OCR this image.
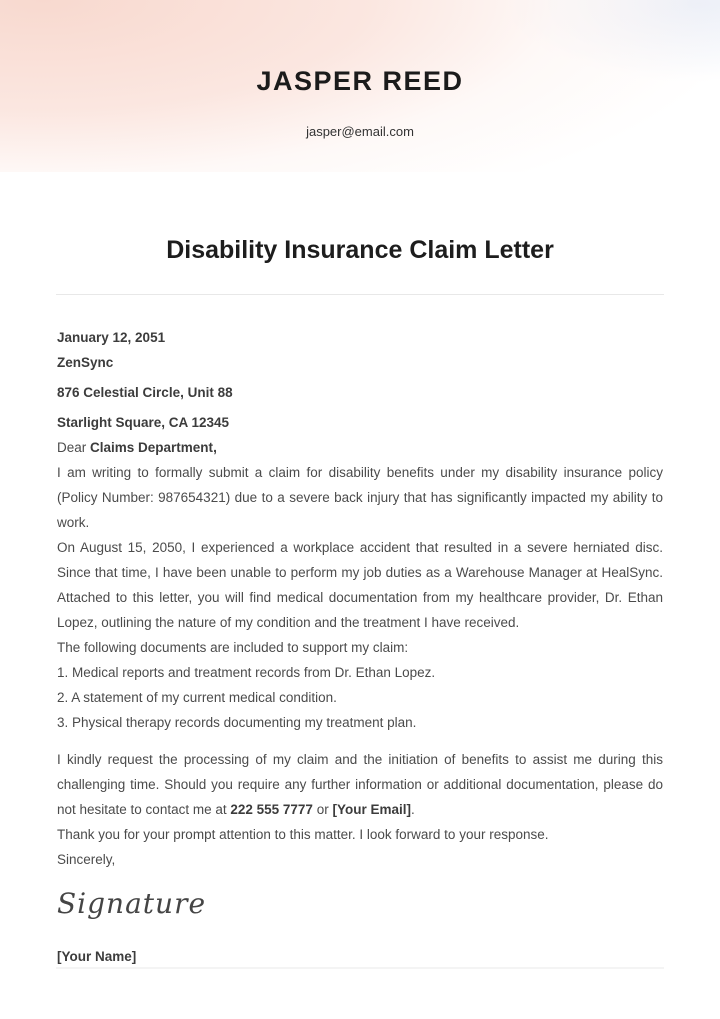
JASPER REED
jasper@email.com
Disability Insurance Claim Letter

January 12, 2051

ZenSync

876 Celestial Circle, Unit 88

Starlight Square, CA 12345

Dear Claims Department,

I am writing to formally submit a claim for disability benefits under my disability insurance policy (Policy Number: 987654321) due to a severe back injury that has significantly impacted my ability to work.

On August 15, 2050, I experienced a workplace accident that resulted in a severe herniated disc. Since that time, I have been unable to perform my job duties as a Warehouse Manager at HealSync. Attached to this letter, you will find medical documentation from my healthcare provider, Dr. Ethan Lopez, outlining the nature of my condition and the treatment I have received.

The following documents are included to support my claim:

1. Medical reports and treatment records from Dr. Ethan Lopez.

2. A statement of my current medical condition.

3. Physical therapy records documenting my treatment plan.

I kindly request the processing of my claim and the initiation of benefits to assist me during this challenging time. Should you require any further information or additional documentation, please do not hesitate to contact me at 222 555 7777 or [Your Email].

Thank you for your prompt attention to this matter. I look forward to your response.

Sincerely,

Signature

[Your Name]
